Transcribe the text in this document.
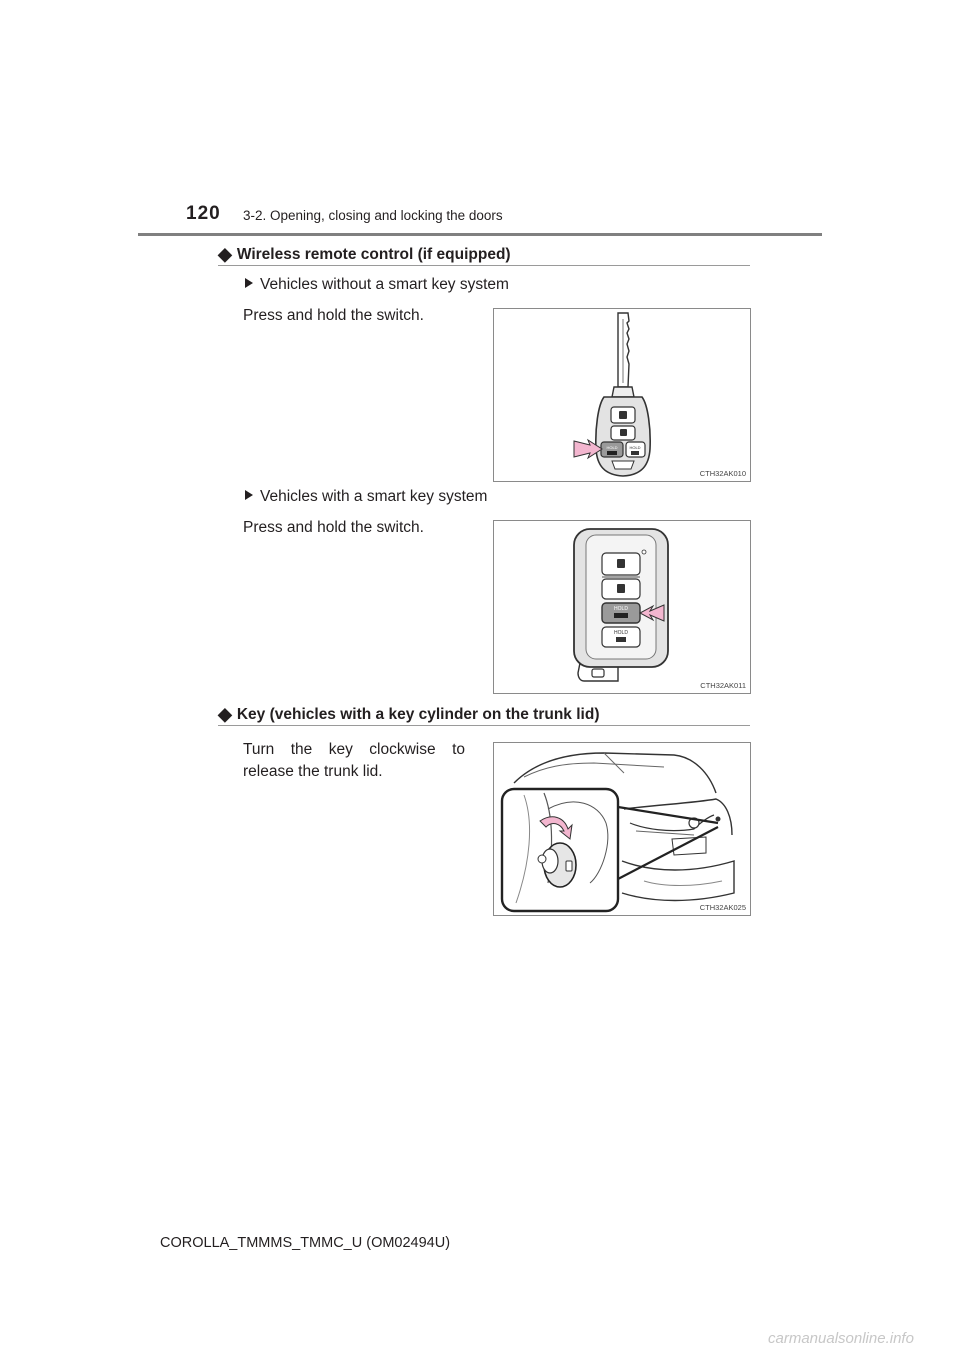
120 3-2. Opening, closing and locking the doors
◆ Wireless remote control (if equipped)
Vehicles without a smart key system
Press and hold the switch.
HOLD	HOLD
CTH32AK010
Vehicles with a smart key system
Press and hold the switch.
HOLD
HOLD
CTH32AK011
◆ Key (vehicles with a key cylinder on the trunk lid)
Turn the key clockwise to release the trunk lid.
CTH32AK025
COROLLA_TMMMS_TMMC_U (OM02494U)
carmanualsonline.info
